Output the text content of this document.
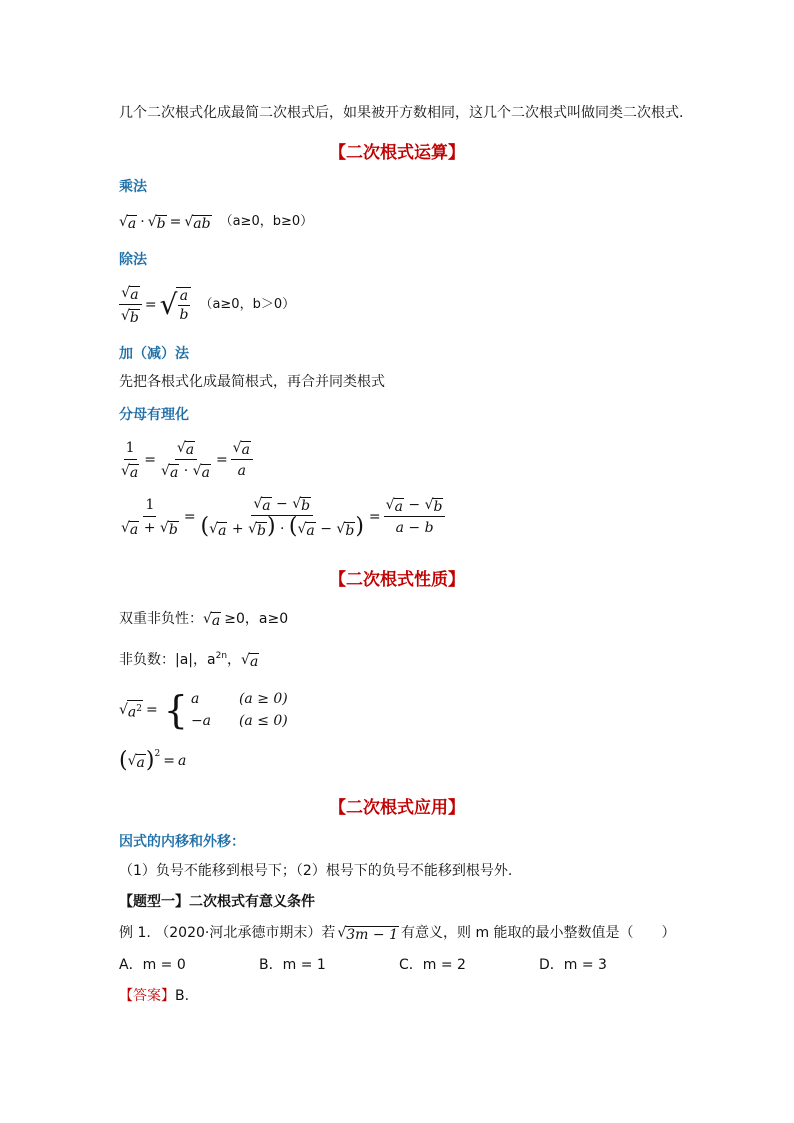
几个二次根式化成最简二次根式后，如果被开方数相同，这几个二次根式叫做同类二次根式.
【二次根式运算】
乘法
√ a · √ b = √ ab （a≥0，b≥0）
除法
$\frac{√ a}{√ b}$ = √ $\frac{a}{b} (a\ge 0$，b＞0）
加（减）法
先把各根式化成最简根式，再合并同类根式
分母有理化
$\frac{1}{√ a} = \frac{√ a}{√ a \cdot √ a} = \frac{√ a}{a}$
$\frac{1}{√ a + √ b} = \frac{√ a - √ b}{( √ a + √ b ) \cdot ( √ a - √ b )} = \frac{√ a - √ b}{a - b}$
【二次根式性质】
双重非负性： √ a ≥0，a≥0
非负数：|a|，$a^{2n}$ ， √ a
√ $a^2$ = { a	(a ≥ 0)
−a	(a ≤ 0)
( √ a )$^2$ = a
【二次根式应用】
因式的内移和外移：
（1）负号不能移到根号下；（2）根号下的负号不能移到根号外.
【题型一】 二次根式有意义条件
例 1. （2020·河北承德市期末）若 √ 3m − 1 有意义，则 m 能取的最小整数值是（　　）
A．m = 0	B．m = 1	C．m = 2	D．m = 3
【答案】 B.
